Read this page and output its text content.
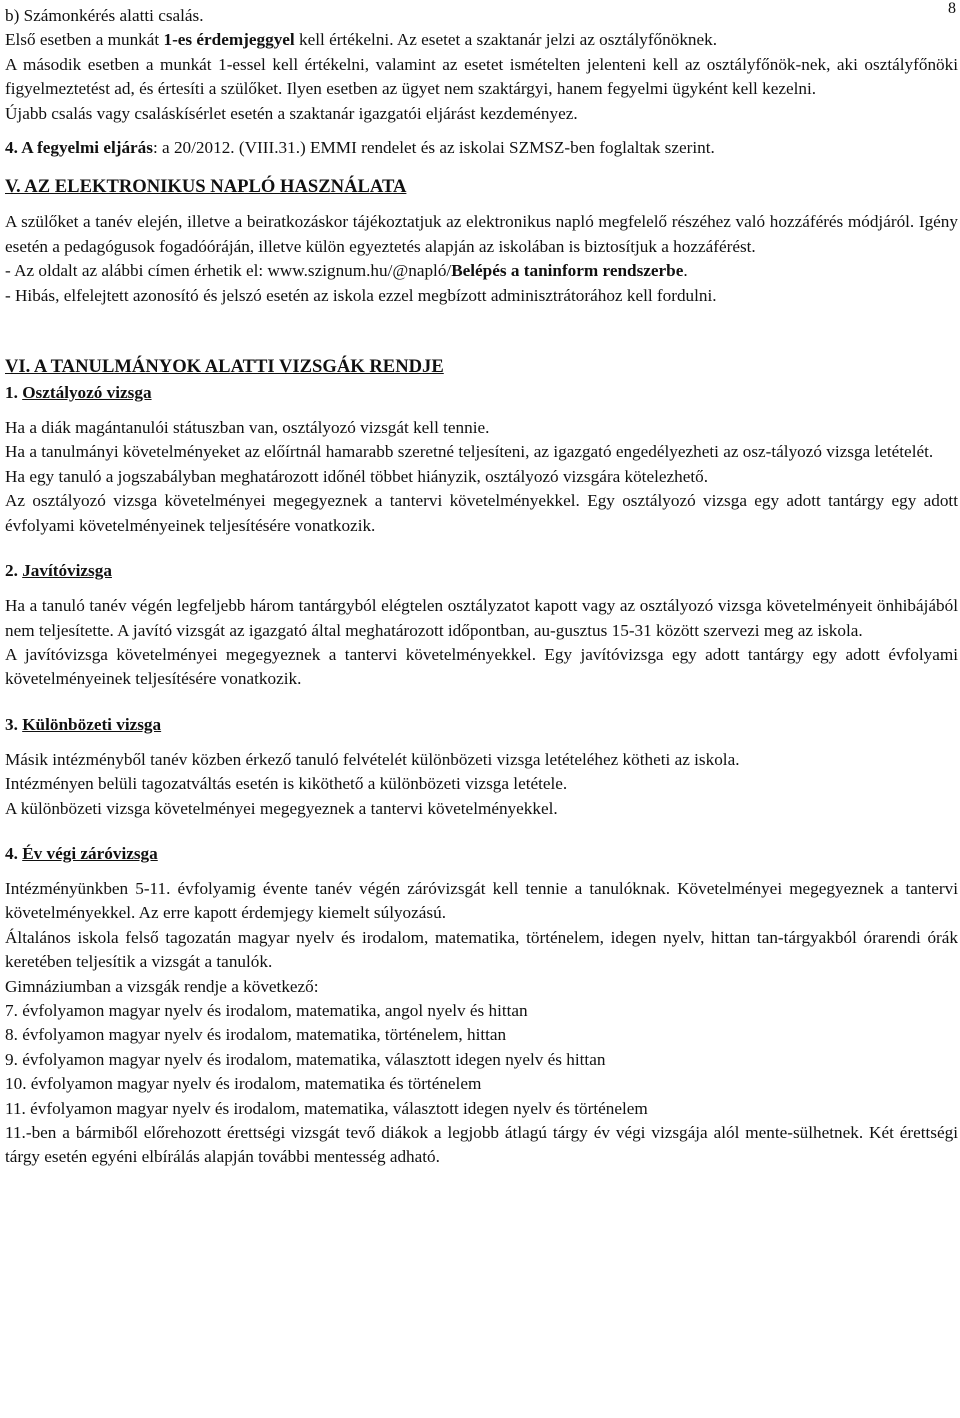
8

b) Számonkérés alatti csalás.

Első esetben a munkát 1-es érdemjeggyel kell értékelni. Az esetet a szaktanár jelzi az osztályfőnöknek.

A második esetben a munkát 1-essel kell értékelni, valamint az esetet ismételten jelenteni kell az osztályfőnök-nek, aki osztályfőnöki figyelmeztetést ad, és értesíti a szülőket. Ilyen esetben az ügyet nem szaktárgyi, hanem fegyelmi ügyként kell kezelni.

Újabb csalás vagy csaláskísérlet esetén a szaktanár igazgatói eljárást kezdeményez.

4. A fegyelmi eljárás: a 20/2012. (VIII.31.) EMMI rendelet és az iskolai SZMSZ-ben foglaltak szerint.

V. AZ ELEKTRONIKUS NAPLÓ HASZNÁLATA

A szülőket a tanév elején, illetve a beiratkozáskor tájékoztatjuk az elektronikus napló megfelelő részéhez való hozzáférés módjáról. Igény esetén a pedagógusok fogadóóráján, illetve külön egyeztetés alapján az iskolában is biztosítjuk a hozzáférést.

- Az oldalt az alábbi címen érhetik el: www.szignum.hu/@napló/Belépés a taninform rendszerbe.

- Hibás, elfelejtett azonosító és jelszó esetén az iskola ezzel megbízott adminisztrátorához kell fordulni.

VI. A TANULMÁNYOK ALATTI VIZSGÁK RENDJE
1. Osztályozó vizsga

Ha a diák magántanulói státuszban van, osztályozó vizsgát kell tennie.

Ha a tanulmányi követelményeket az előírtnál hamarabb szeretné teljesíteni, az igazgató engedélyezheti az osz-tályozó vizsga letételét.

Ha egy tanuló a jogszabályban meghatározott időnél többet hiányzik, osztályozó vizsgára kötelezhető.

Az osztályozó vizsga követelményei megegyeznek a tantervi követelményekkel. Egy osztályozó vizsga egy adott tantárgy egy adott évfolyami követelményeinek teljesítésére vonatkozik.

2. Javítóvizsga

Ha a tanuló tanév végén legfeljebb három tantárgyból elégtelen osztályzatot kapott vagy az osztályozó vizsga követelményeit önhibájából nem teljesítette. A javító vizsgát az igazgató által meghatározott időpontban, au-gusztus 15-31 között szervezi meg az iskola.

A javítóvizsga követelményei megegyeznek a tantervi követelményekkel. Egy javítóvizsga egy adott tantárgy egy adott évfolyami követelményeinek teljesítésére vonatkozik.

3. Különbözeti vizsga

Másik intézményből tanév közben érkező tanuló felvételét különbözeti vizsga letételéhez kötheti az iskola.

Intézményen belüli tagozatváltás esetén is kiköthető a különbözeti vizsga letétele.

A különbözeti vizsga követelményei megegyeznek a tantervi követelményekkel.

4. Év végi záróvizsga

Intézményünkben 5-11. évfolyamig évente tanév végén záróvizsgát kell tennie a tanulóknak. Követelményei megegyeznek a tantervi követelményekkel. Az erre kapott érdemjegy kiemelt súlyozású.

Általános iskola felső tagozatán magyar nyelv és irodalom, matematika, történelem, idegen nyelv, hittan tan-tárgyakból órarendi órák keretében teljesítik a vizsgát a tanulók.

Gimnáziumban a vizsgák rendje a következő:

7. évfolyamon magyar nyelv és irodalom, matematika, angol nyelv és hittan

8. évfolyamon magyar nyelv és irodalom, matematika, történelem, hittan

9. évfolyamon magyar nyelv és irodalom, matematika, választott idegen nyelv és hittan

10. évfolyamon magyar nyelv és irodalom, matematika és történelem

11. évfolyamon magyar nyelv és irodalom, matematika, választott idegen nyelv és történelem

11.-ben a bármiből előrehozott érettségi vizsgát tevő diákok a legjobb átlagú tárgy év végi vizsgája alól mente-sülhetnek. Két érettségi tárgy esetén egyéni elbírálás alapján további mentesség adható.
